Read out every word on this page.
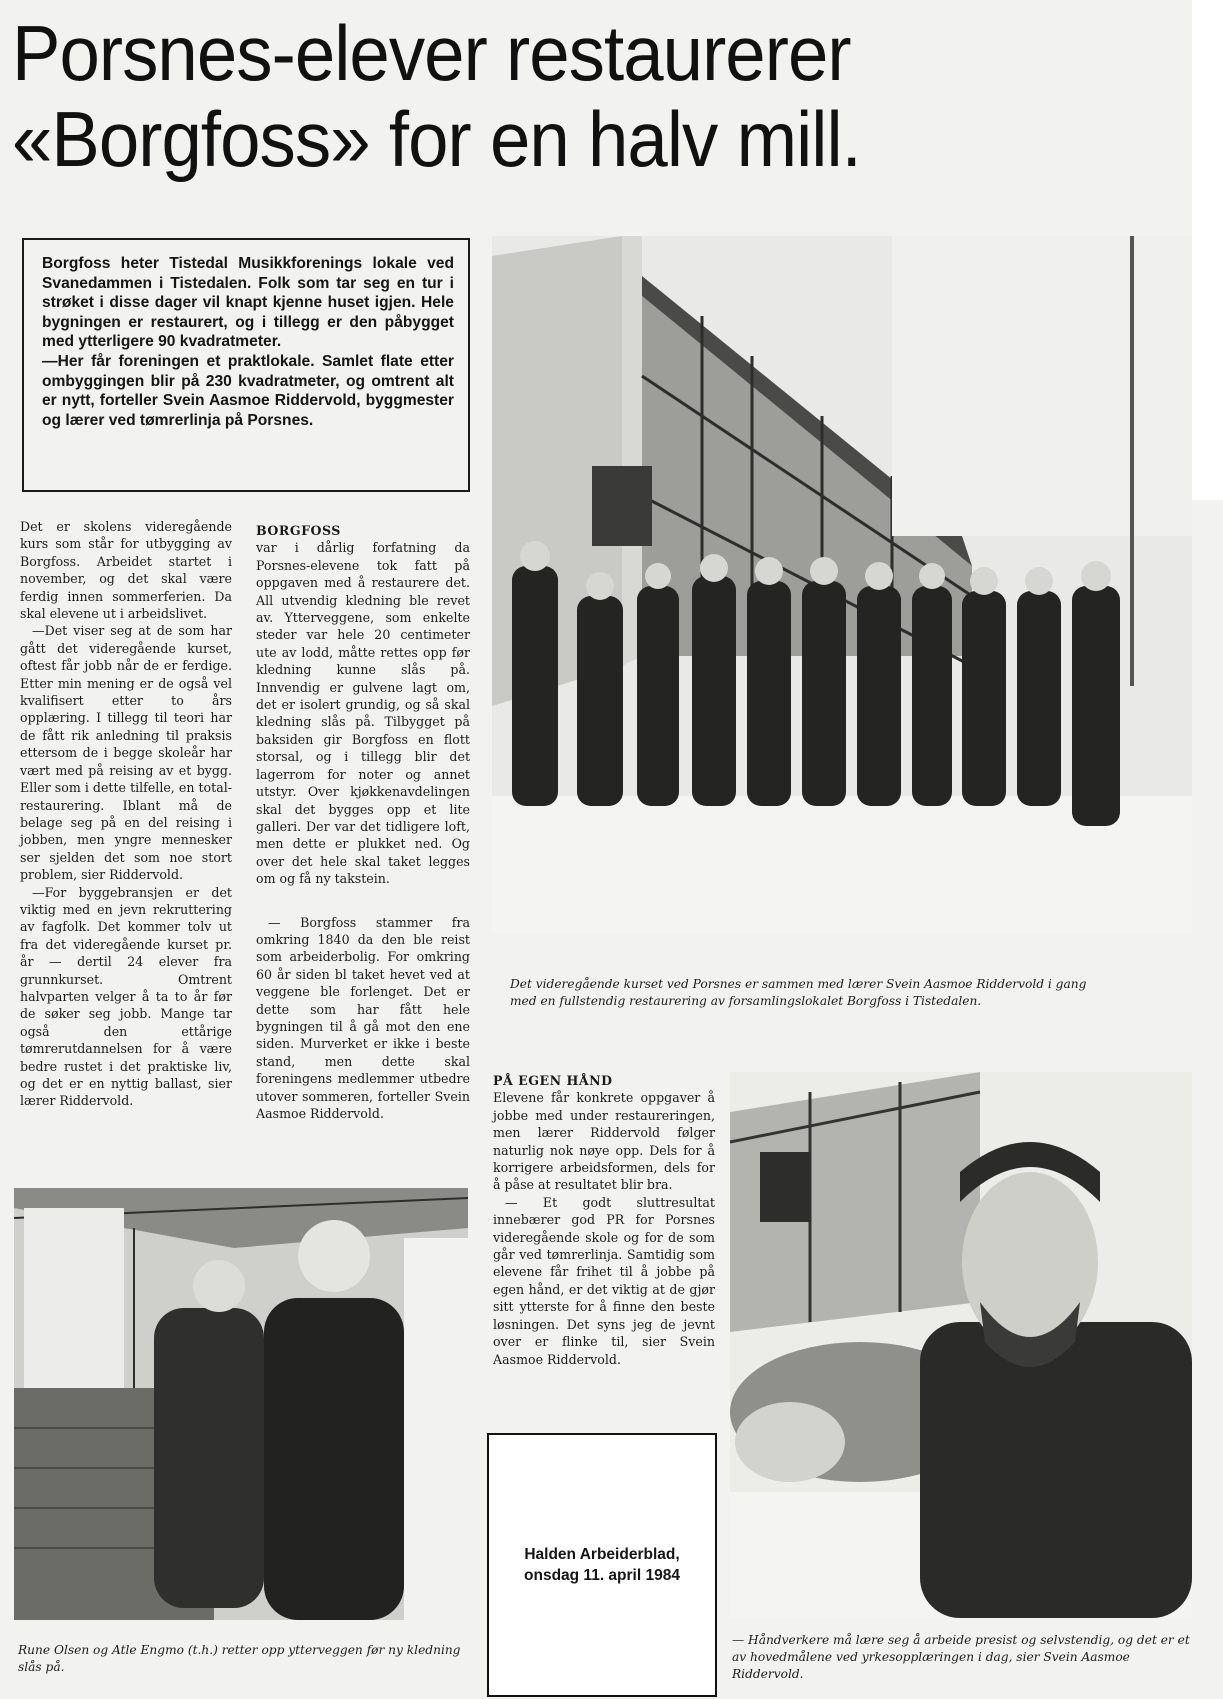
Porsnes-elever restaurerer
«Borgfoss» for en halv mill.

Borgfoss heter Tistedal Musikkforenings lokale ved Svanedammen i Tistedalen. Folk som tar seg en tur i strøket i disse dager vil knapt kjenne huset igjen. Hele bygningen er restaurert, og i tillegg er den påbygget med ytterligere 90 kvadratmeter.

—Her får foreningen et praktlokale. Samlet flate etter ombyggingen blir på 230 kvadratmeter, og omtrent alt er nytt, forteller Svein Aasmoe Riddervold, byggmester og lærer ved tømrerlinja på Porsnes.

Det er skolens videregående kurs som står for utbygging av Borgfoss. Arbeidet startet i november, og det skal være ferdig innen sommerferien. Da skal elevene ut i arbeidslivet.

—Det viser seg at de som har gått det videregående kurset, oftest får jobb når de er ferdige. Etter min mening er de også vel kvalifisert etter to års opplæring. I tillegg til teori har de fått rik anledning til praksis ettersom de i begge skoleår har vært med på reising av et bygg. Eller som i dette tilfelle, en total-restaurering. Iblant må de belage seg på en del reising i jobben, men yngre mennesker ser sjelden det som noe stort problem, sier Riddervold.

—For byggebransjen er det viktig med en jevn rekruttering av fagfolk. Det kommer tolv ut fra det videregående kurset pr. år — dertil 24 elever fra grunnkurset. Omtrent halvparten velger å ta to år før de søker seg jobb. Mange tar også den ettårige tømrerutdannelsen for å være bedre rustet i det praktiske liv, og det er en nyttig ballast, sier lærer Riddervold.

BORGFOSS

var i dårlig forfatning da Porsnes-elevene tok fatt på oppgaven med å restaurere det. All utvendig kledning ble revet av. Ytterveggene, som enkelte steder var hele 20 centimeter ute av lodd, måtte rettes opp før kledning kunne slås på. Innvendig er gulvene lagt om, det er isolert grundig, og så skal kledning slås på. Tilbygget på baksiden gir Borgfoss en flott storsal, og i tillegg blir det lagerrom for noter og annet utstyr. Over kjøkkenavdelingen skal det bygges opp et lite galleri. Der var det tidligere loft, men dette er plukket ned. Og over det hele skal taket legges om og få ny takstein.

— Borgfoss stammer fra omkring 1840 da den ble reist som arbeiderbolig. For omkring 60 år siden bl taket hevet ved at veggene ble forlenget. Det er dette som har fått hele bygningen til å gå mot den ene siden. Murverket er ikke i beste stand, men dette skal foreningens medlemmer utbedre utover sommeren, forteller Svein Aasmoe Riddervold.

Det videregående kurset ved Porsnes er sammen med lærer Svein Aasmoe Riddervold i gang med en fullstendig restaurering av forsamlingslokalet Borgfoss i Tistedalen.

PÅ EGEN HÅND

Elevene får konkrete oppgaver å jobbe med under restaureringen, men lærer Riddervold følger naturlig nok nøye opp. Dels for å korrigere arbeidsformen, dels for å påse at resultatet blir bra.

— Et godt sluttresultat innebærer god PR for Porsnes videregående skole og for de som går ved tømrerlinja. Samtidig som elevene får frihet til å jobbe på egen hånd, er det viktig at de gjør sitt ytterste for å finne den beste løsningen. Det syns jeg de jevnt over er flinke til, sier Svein Aasmoe Riddervold.

Rune Olsen og Atle Engmo (t.h.) retter opp ytterveggen før ny kledning slås på.

Halden Arbeiderblad,
onsdag 11. april 1984

— Håndverkere må lære seg å arbeide presist og selvstendig, og det er et av hovedmålene ved yrkesopplæringen i dag, sier Svein Aasmoe Riddervold.
